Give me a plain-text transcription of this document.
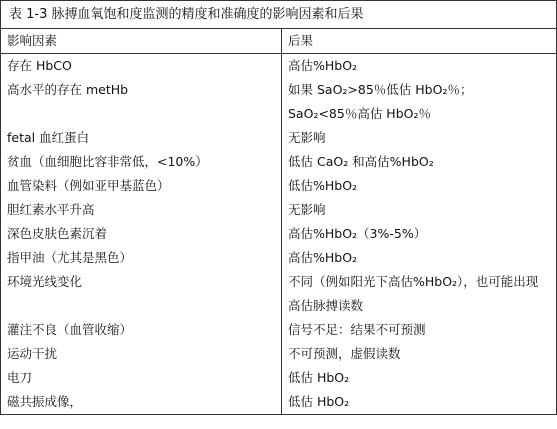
表 1-3 脉搏血氧饱和度监测的精度和准确度的影响因素和后果
影响因素	后果
存在 HbCO	高估%HbO₂

高水平的存在 metHb	如果 SaO₂>85％低估 HbO₂％；
SaO₂<85％高估 HbO₂％

fetal 血红蛋白	无影响

贫血（血细胞比容非常低，<10%）	低估 CaO₂ 和高估%HbO₂

血管染料（例如亚甲基蓝色）	低估%HbO₂

胆红素水平升高	无影响

深色皮肤色素沉着	高估%HbO₂（3%-5%）

指甲油（尤其是黑色）	高估%HbO₂

环境光线变化	不同（例如阳光下高估%HbO₂），也可能出现
高估脉搏读数

灌注不良（血管收缩）	信号不足：结果不可预测

运动干扰	不可预测，虚假读数

电刀	低估 HbO₂

磁共振成像，	低估 HbO₂
